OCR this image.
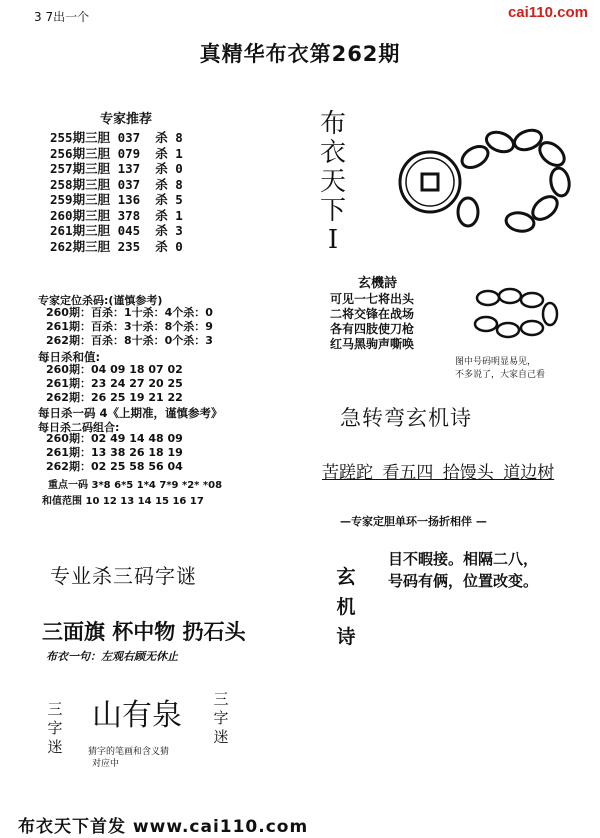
3 7出一个	cai110.com
真精华布衣第262期
专家推荐
255期三胆 037  杀 8
256期三胆 079  杀 1
257期三胆 137  杀 0
258期三胆 037  杀 8
259期三胆 136  杀 5
260期三胆 378  杀 1
261期三胆 045  杀 3
262期三胆 235  杀 0
专家定位杀码:(谨慎参考)
260期：百杀：1十杀：4个杀：0
261期：百杀：3十杀：8个杀：9
262期：百杀：8十杀：0个杀：3
每日杀和值:
260期：04 09 18 07 02
261期：23 24 27 20 25
262期：26 25 19 21 22
每日杀一码 4《上期准，谨慎参考》
每日杀二码组合:
260期：02 49 14 48 09
261期：13 38 26 18 19
262期：02 25 58 56 04
重点一码 3*8 6*5 1*4 7*9 *2* *08
和值范围 10 12 13 14 15 16 17
专业杀三码字谜
三面旗 杯中物 扔石头
布衣一句：左观右顾无休止
三字迷
山有泉 三字迷
猜字的笔画和含义猜
对应中
布衣天下首发 www.cai110.com
布衣天下I
玄機詩
可见一七将出头
二将交锋在战场
各有四肢使刀枪
红马黑驹声嘶唤
图中号码明显易见，
不多说了，大家自己看
急转弯玄机诗
苦蹉跎 看五四 拾馒头 道边树
—专家定胆单环一扬折相伴 —
玄机诗
目不暇接。相隔二八，
号码有俩，位置改变。
